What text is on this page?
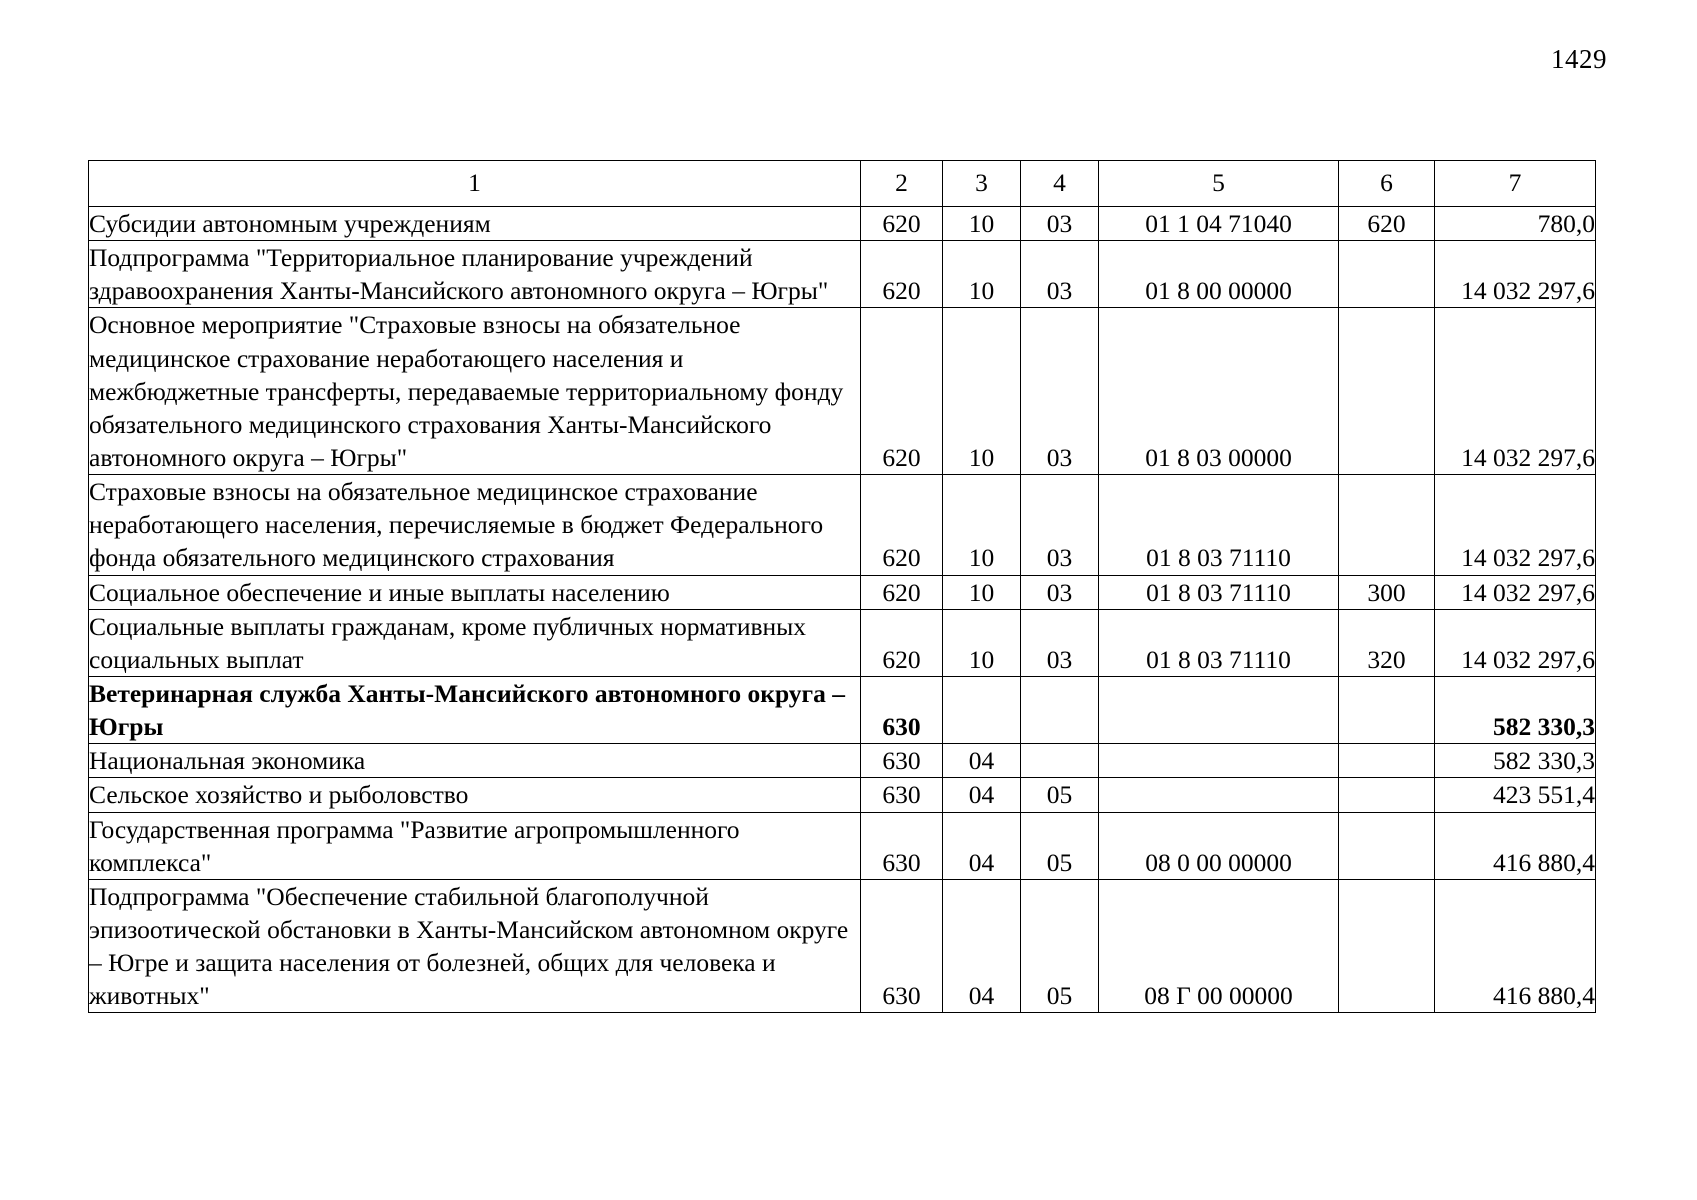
1429
1	2	3	4	5	6	7
Субсидии автономным учреждениям	620	10	03	01 1 04 71040	620	780,0
Подпрограмма "Территориальное планирование учреждений здравоохранения Ханты-Мансийского автономного округа – Югры"	620	10	03	01 8 00 00000		14 032 297,6
Основное мероприятие "Страховые взносы на обязательное медицинское страхование неработающего населения и межбюджетные трансферты, передаваемые территориальному фонду обязательного медицинского страхования Ханты-Мансийского автономного округа – Югры"	620	10	03	01 8 03 00000		14 032 297,6
Страховые взносы на обязательное медицинское страхование неработающего населения, перечисляемые в бюджет Федерального фонда обязательного медицинского страхования	620	10	03	01 8 03 71110		14 032 297,6
Социальное обеспечение и иные выплаты населению	620	10	03	01 8 03 71110	300	14 032 297,6
Социальные выплаты гражданам, кроме публичных нормативных социальных выплат	620	10	03	01 8 03 71110	320	14 032 297,6
Ветеринарная служба Ханты-Мансийского автономного округа – Югры	630					582 330,3
Национальная экономика	630	04				582 330,3
Сельское хозяйство и рыболовство	630	04	05			423 551,4
Государственная программа "Развитие агропромышленного комплекса"	630	04	05	08 0 00 00000		416 880,4
Подпрограмма "Обеспечение стабильной благополучной эпизоотической обстановки в Ханты-Мансийском автономном округе – Югре и защита населения от болезней, общих для человека и животных"	630	04	05	08 Г 00 00000		416 880,4
